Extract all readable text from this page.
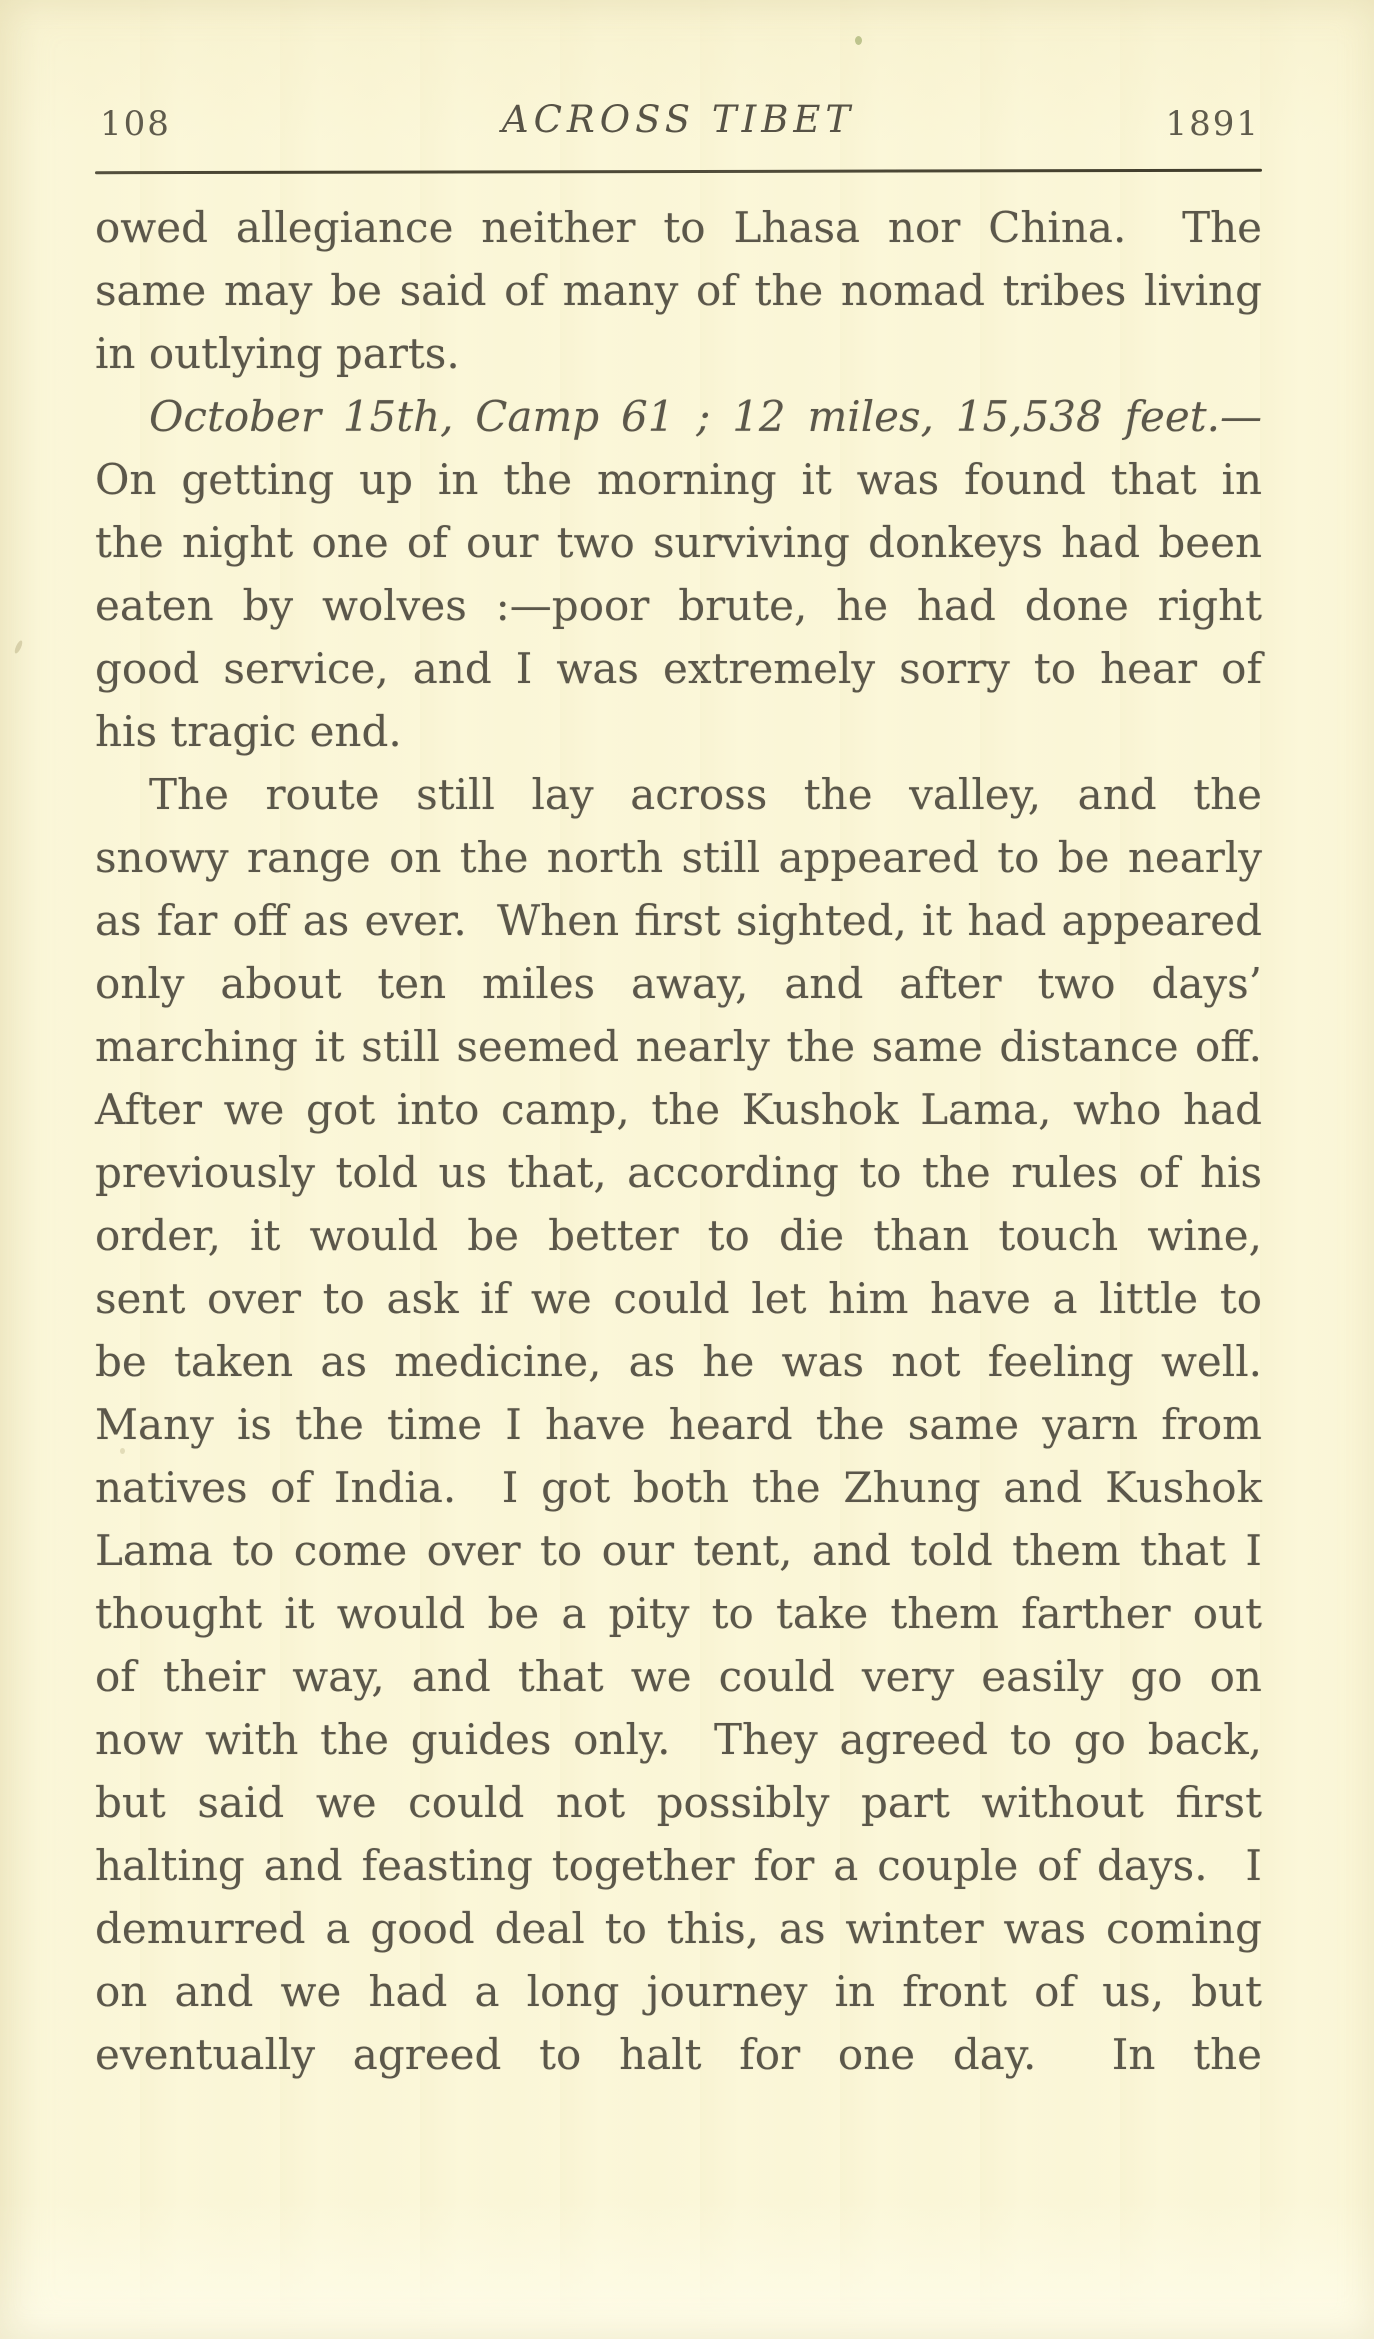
108	ACROSS TIBET	1891
owed allegiance neither to Lhasa nor China.  The
same may be said of many of the nomad tribes living
in outlying parts.
October 15th, Camp 61 ; 12 miles, 15,538 feet.—
On getting up in the morning it was found that in
the night one of our two surviving donkeys had been
eaten by wolves :—poor brute, he had done right
good service, and I was extremely sorry to hear of
his tragic end.
The route still lay across the valley, and the
snowy range on the north still appeared to be nearly
as far off as ever.  When first sighted, it had appeared
only about ten miles away, and after two days’
marching it still seemed nearly the same distance off.
After we got into camp, the Kushok Lama, who had
previously told us that, according to the rules of his
order, it would be better to die than touch wine,
sent over to ask if we could let him have a little to
be taken as medicine, as he was not feeling well.
Many is the time I have heard the same yarn from
natives of India.  I got both the Zhung and Kushok
Lama to come over to our tent, and told them that I
thought it would be a pity to take them farther out
of their way, and that we could very easily go on
now with the guides only.  They agreed to go back,
but said we could not possibly part without first
halting and feasting together for a couple of days.  I
demurred a good deal to this, as winter was coming
on and we had a long journey in front of us, but
eventually agreed to halt for one day.  In the
